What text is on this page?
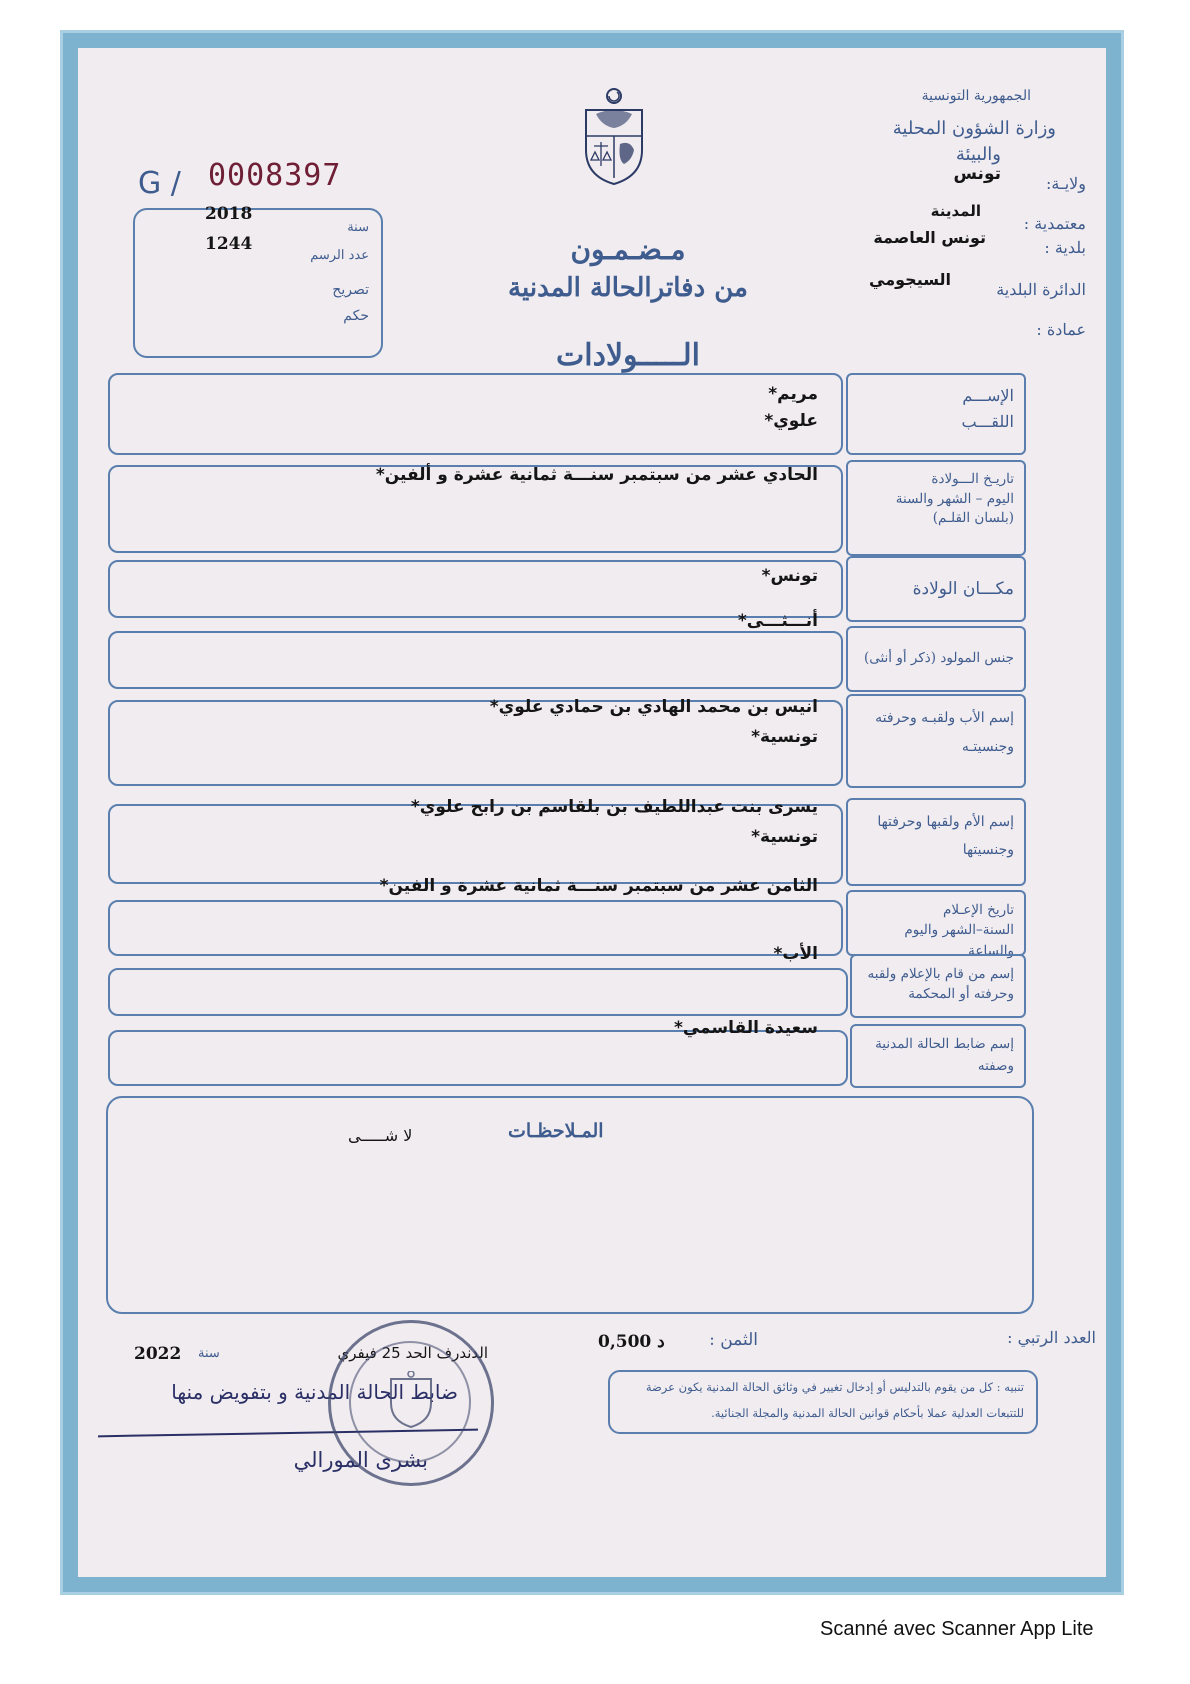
الجمهورية التونسية
وزارة الشؤون المحلية
والبيئة
ولايـة:
تونس
معتمدية :
المدينة
بلدية :
تونس العاصمة
الدائرة البلدية
السيجومي
عمادة :
G / 0008397
2018
سنة
1244
عدد الرسم
تصريح
حكم
مـضـمـون
من دفاترالحالة المدنية
الـــــولادات
الإســـم
اللقـــب
مريم*
علوي*
تاريـخ الـــولادة
اليوم – الشهر والسنة
(بلسان القلـم)
الحادي عشر من سبتمبر سنـــة ثمانية عشرة و ألفين*
مكـــان الولادة
تونس*
جنس المولود (ذكر أو أنثى)
أنـــثـــى*
إسم الأب ولقبـه وحرفته
وجنسيتـه
انيس بن محمد الهادي بن حمادي علوي*
تونسية*
إسم الأم ولقبها وحرفتها
وجنسيتها
يسرى بنت عبداللطيف بن بلقاسم بن رابح علوي*
تونسية*
تاريخ الإعـلام
السنة–الشهر واليوم والساعة
الثامن عشر من سبتمبر سنـــة ثمانية عشرة و الفين*
إسم من قام بالإعلام ولقبه
وحرفته أو المحكمة
الأب*
إسم ضابط الحالة المدنية
وصفته
سعيدة القاسمي*
المـلاحظـات
لا شـــــى
العدد الرتبي :
الثمن :
0,500 د
الدندرف الحد 25 فيفري
سنة
2022
ضابط الحالة المدنية و بتفويض منها
بشرى المورالي
تنبيه : كل من يقوم بالتدليس أو إدخال تغيير في وثائق الحالة المدنية يكون عرضة
للتتبعات العدلية عملا بأحكام قوانين الحالة المدنية والمجلة الجنائية.
Scanné avec Scanner App Lite
